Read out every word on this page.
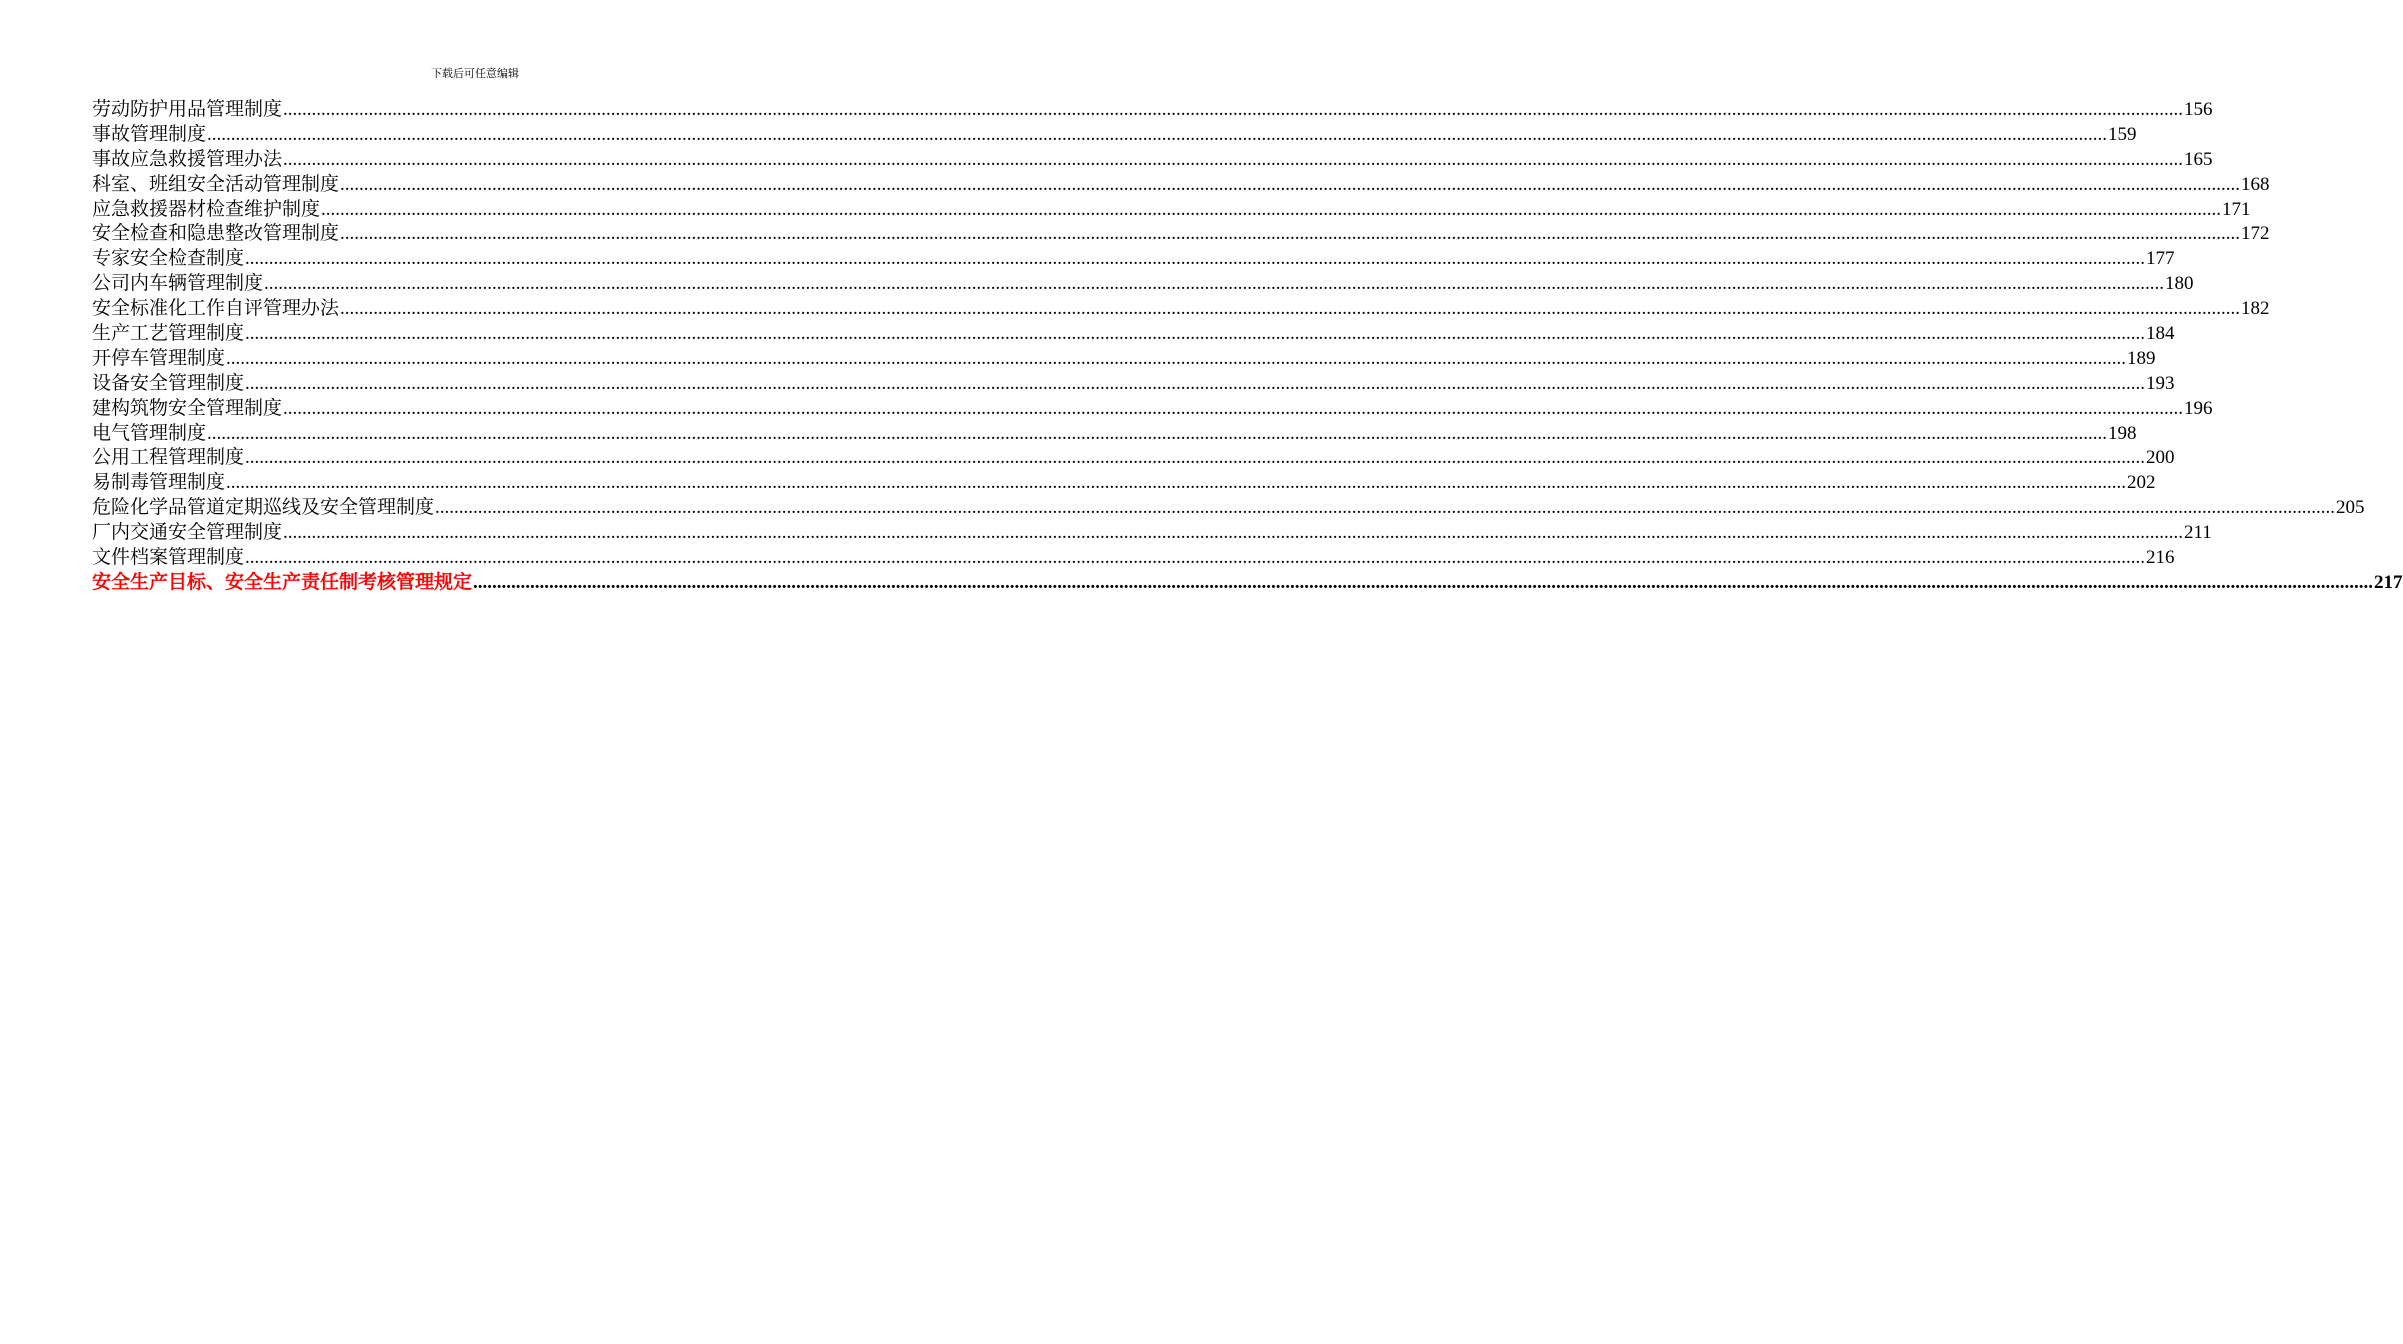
下载后可任意编辑
劳动防护用品管理制度 ................................................................................................................................................................................................................................................................................................................................................................................................................ 156
事故管理制度 ................................................................................................................................................................................................................................................................................................................................................................................................................ 159
事故应急救援管理办法 ................................................................................................................................................................................................................................................................................................................................................................................................................ 165
科室、班组安全活动管理制度 ................................................................................................................................................................................................................................................................................................................................................................................................................ 168
应急救援器材检查维护制度 ................................................................................................................................................................................................................................................................................................................................................................................................................ 171
安全检查和隐患整改管理制度 ................................................................................................................................................................................................................................................................................................................................................................................................................ 172
专家安全检查制度 ................................................................................................................................................................................................................................................................................................................................................................................................................ 177
公司内车辆管理制度 ................................................................................................................................................................................................................................................................................................................................................................................................................ 180
安全标准化工作自评管理办法 ................................................................................................................................................................................................................................................................................................................................................................................................................ 182
生产工艺管理制度 ................................................................................................................................................................................................................................................................................................................................................................................................................ 184
开停车管理制度 ................................................................................................................................................................................................................................................................................................................................................................................................................ 189
设备安全管理制度 ................................................................................................................................................................................................................................................................................................................................................................................................................ 193
建构筑物安全管理制度 ................................................................................................................................................................................................................................................................................................................................................................................................................ 196
电气管理制度 ................................................................................................................................................................................................................................................................................................................................................................................................................ 198
公用工程管理制度 ................................................................................................................................................................................................................................................................................................................................................................................................................ 200
易制毒管理制度 ................................................................................................................................................................................................................................................................................................................................................................................................................ 202
危险化学品管道定期巡线及安全管理制度 ................................................................................................................................................................................................................................................................................................................................................................................................................ 205
厂内交通安全管理制度 ................................................................................................................................................................................................................................................................................................................................................................................................................ 211
文件档案管理制度 ................................................................................................................................................................................................................................................................................................................................................................................................................ 216
安全生产目标、安全生产责任制考核管理规定 ................................................................................................................................................................................................................................................................................................................................................................................................................ 217
